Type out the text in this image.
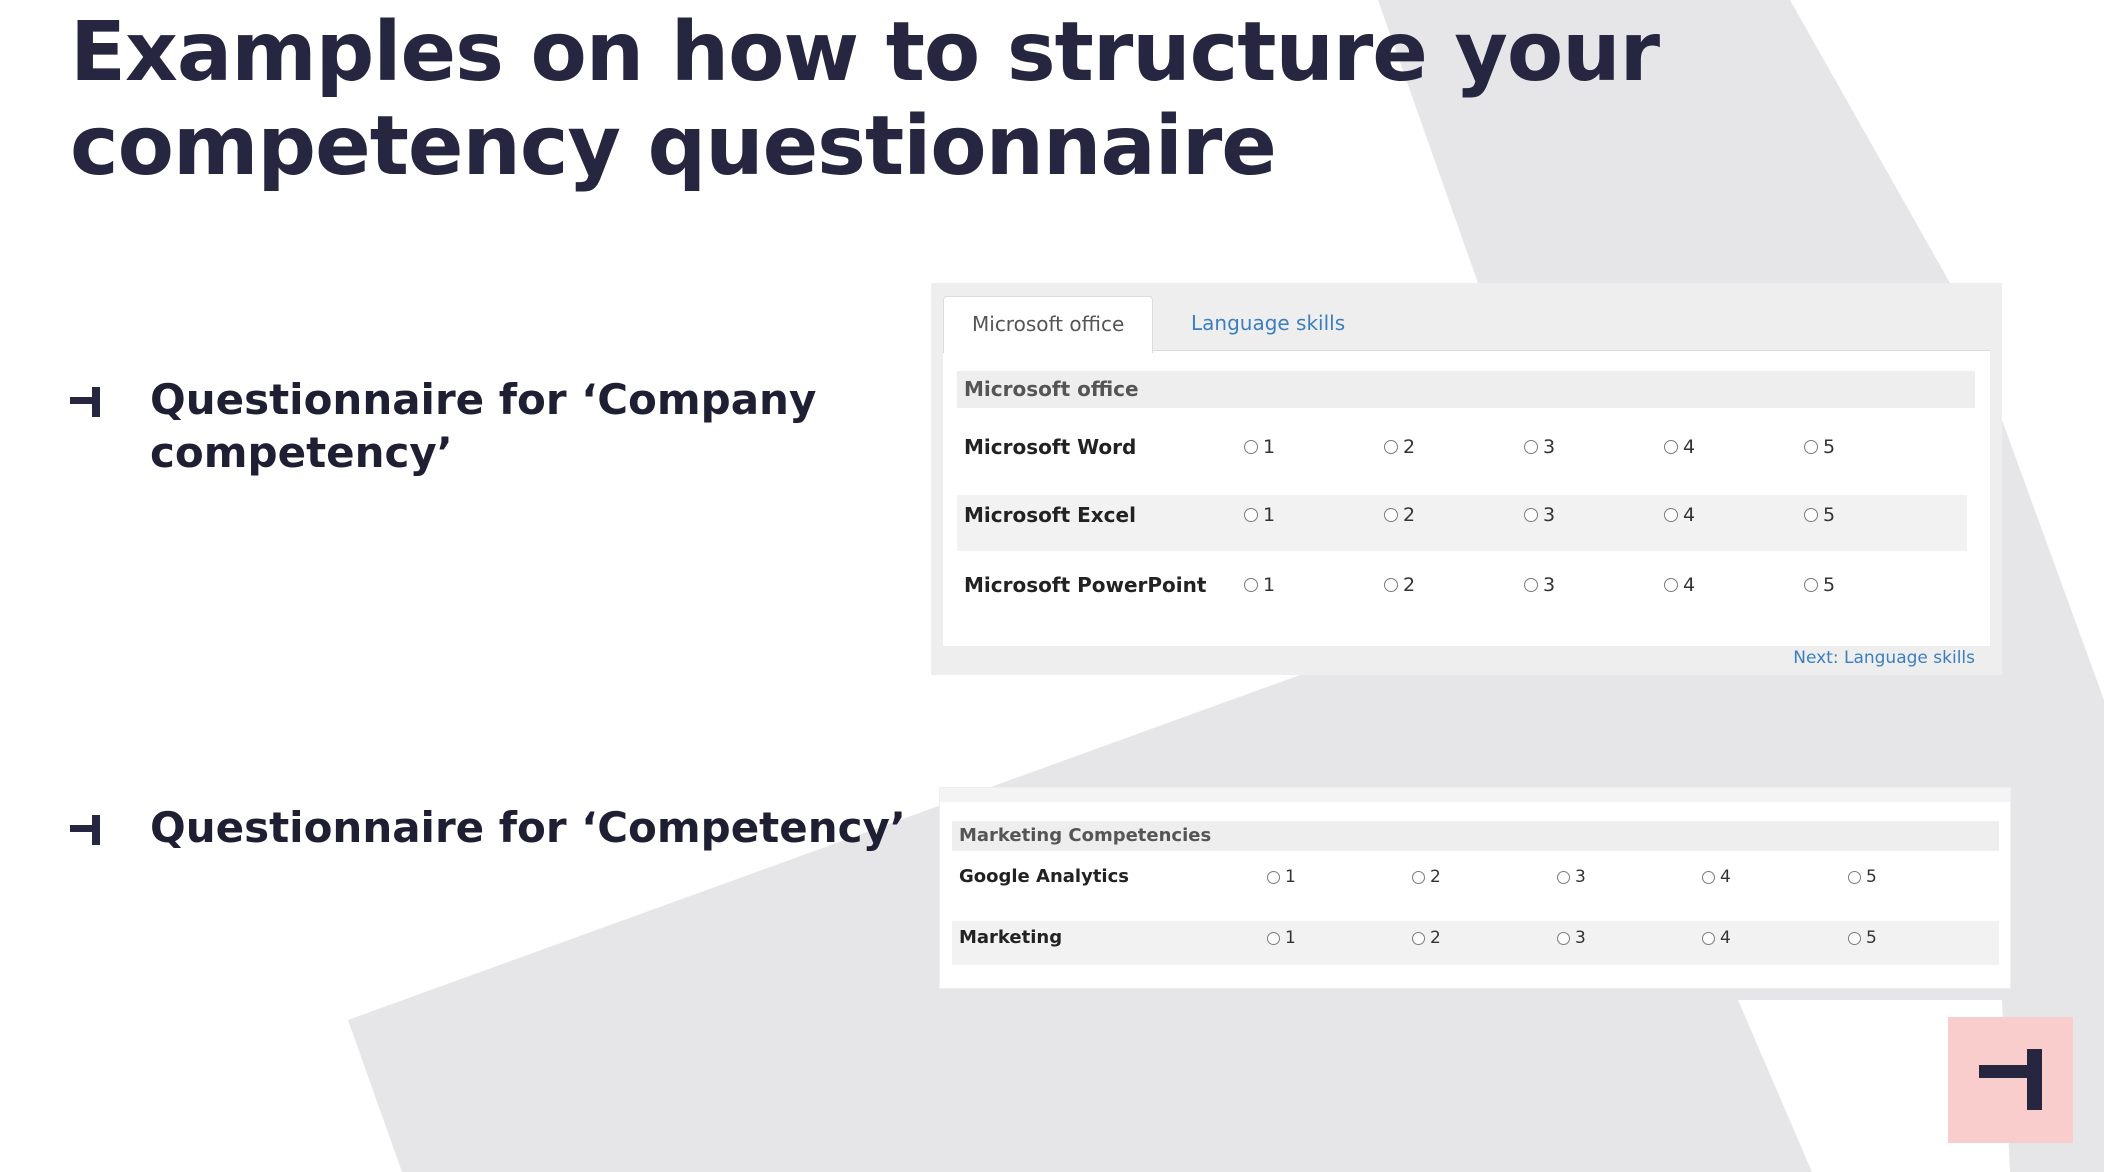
Examples on how to structure your
competency questionnaire

Questionnaire for ‘Company
competency’

Questionnaire for ‘Competency’

Microsoft office	Language skills
Microsoft office
Microsoft Word	1	2	3	4	5
Microsoft Excel	1	2	3	4	5
Microsoft PowerPoint	1	2	3	4	5
Next: Language skills
Marketing Competencies
Google Analytics	1	2	3	4	5
Marketing	1	2	3	4	5
